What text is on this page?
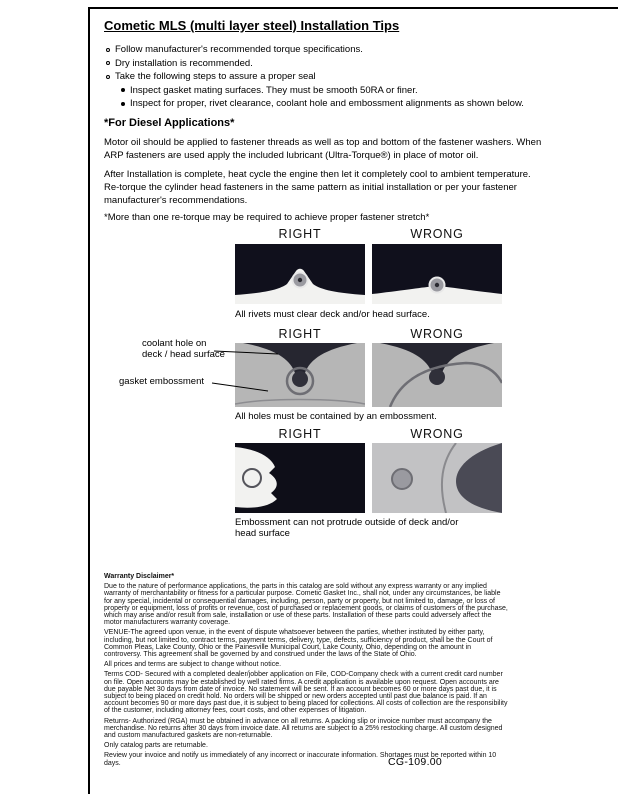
Cometic MLS (multi layer steel) Installation Tips
Follow manufacturer's recommended torque specifications.
Dry installation is recommended.
Take the following steps to assure a proper seal
Inspect gasket mating surfaces. They must be smooth 50RA or finer.
Inspect for proper, rivet clearance, coolant hole and embossment alignments as shown below.
*For Diesel Applications*
Motor oil should be applied to fastener threads as well as top and bottom of the fastener washers. When ARP fasteners are used apply the included lubricant (Ultra-Torque®) in place of motor oil.
After Installation is complete, heat cycle the engine then let it completely cool to ambient temperature. Re-torque the cylinder head fasteners in the same pattern as initial installation or per your fastener manufacturer's recommendations.
*More than one re-torque may be required to achieve proper fastener stretch*
RIGHT	WRONG
All rivets must clear deck and/or head surface.
RIGHT	WRONG
coolant hole on
deck / head surface
gasket embossment
All holes must be contained by an embossment.
RIGHT	WRONG
Embossment can not protrude outside of deck and/or head surface
Warranty Disclaimer*

Due to the nature of performance applications, the parts in this catalog are sold without any express warranty or any implied warranty of merchantability or fitness for a particular purpose. Cometic Gasket Inc., shall not, under any circumstances, be liable for any special, incidental or consequential damages, including, person, party or property, but not limited to, damage, or loss of property or equipment, loss of profits or revenue, cost of purchased or replacement goods, or claims of customers of the purchase, which may arise and/or result from sale, installation or use of these parts. Installation of these parts could adversely affect the motor manufacturers warranty coverage.

VENUE-The agreed upon venue, in the event of dispute whatsoever between the parties, whether instituted by either party, including, but not limited to, contract terms, payment terms, delivery, type, defects, sufficiency of product, shall be the Court of Common Pleas, Lake County, Ohio or the Painesville Municipal Court, Lake County, Ohio, depending on the amount in controversy. This agreement shall be governed by and construed under the laws of the State of Ohio.

All prices and terms are subject to change without notice.

Terms COD- Secured with a completed dealer/jobber application on File, COD-Company check with a current credit card number on file. Open accounts may be established by well rated firms. A credit application is available upon request. Open accounts are due payable Net 30 days from date of invoice. No statement will be sent. If an account becomes 60 or more days past due, it is subject to being placed on credit hold. No orders will be shipped or new orders accepted until past due balance is paid. If an account becomes 90 or more days past due, it is subject to being placed for collections. All costs of collection are the responsibility of the customer, including attorney fees, court costs, and other expenses of litigation.

Returns- Authorized (RGA) must be obtained in advance on all returns. A packing slip or invoice number must accompany the merchandise. No returns after 30 days from invoice date. All returns are subject to a 25% restocking charge. All custom designed and custom manufactured gaskets are non-returnable.

Only catalog parts are returnable.

Review your invoice and notify us immediately of any incorrect or inaccurate information. Shortages must be reported within 10 days.	CG-109.00
